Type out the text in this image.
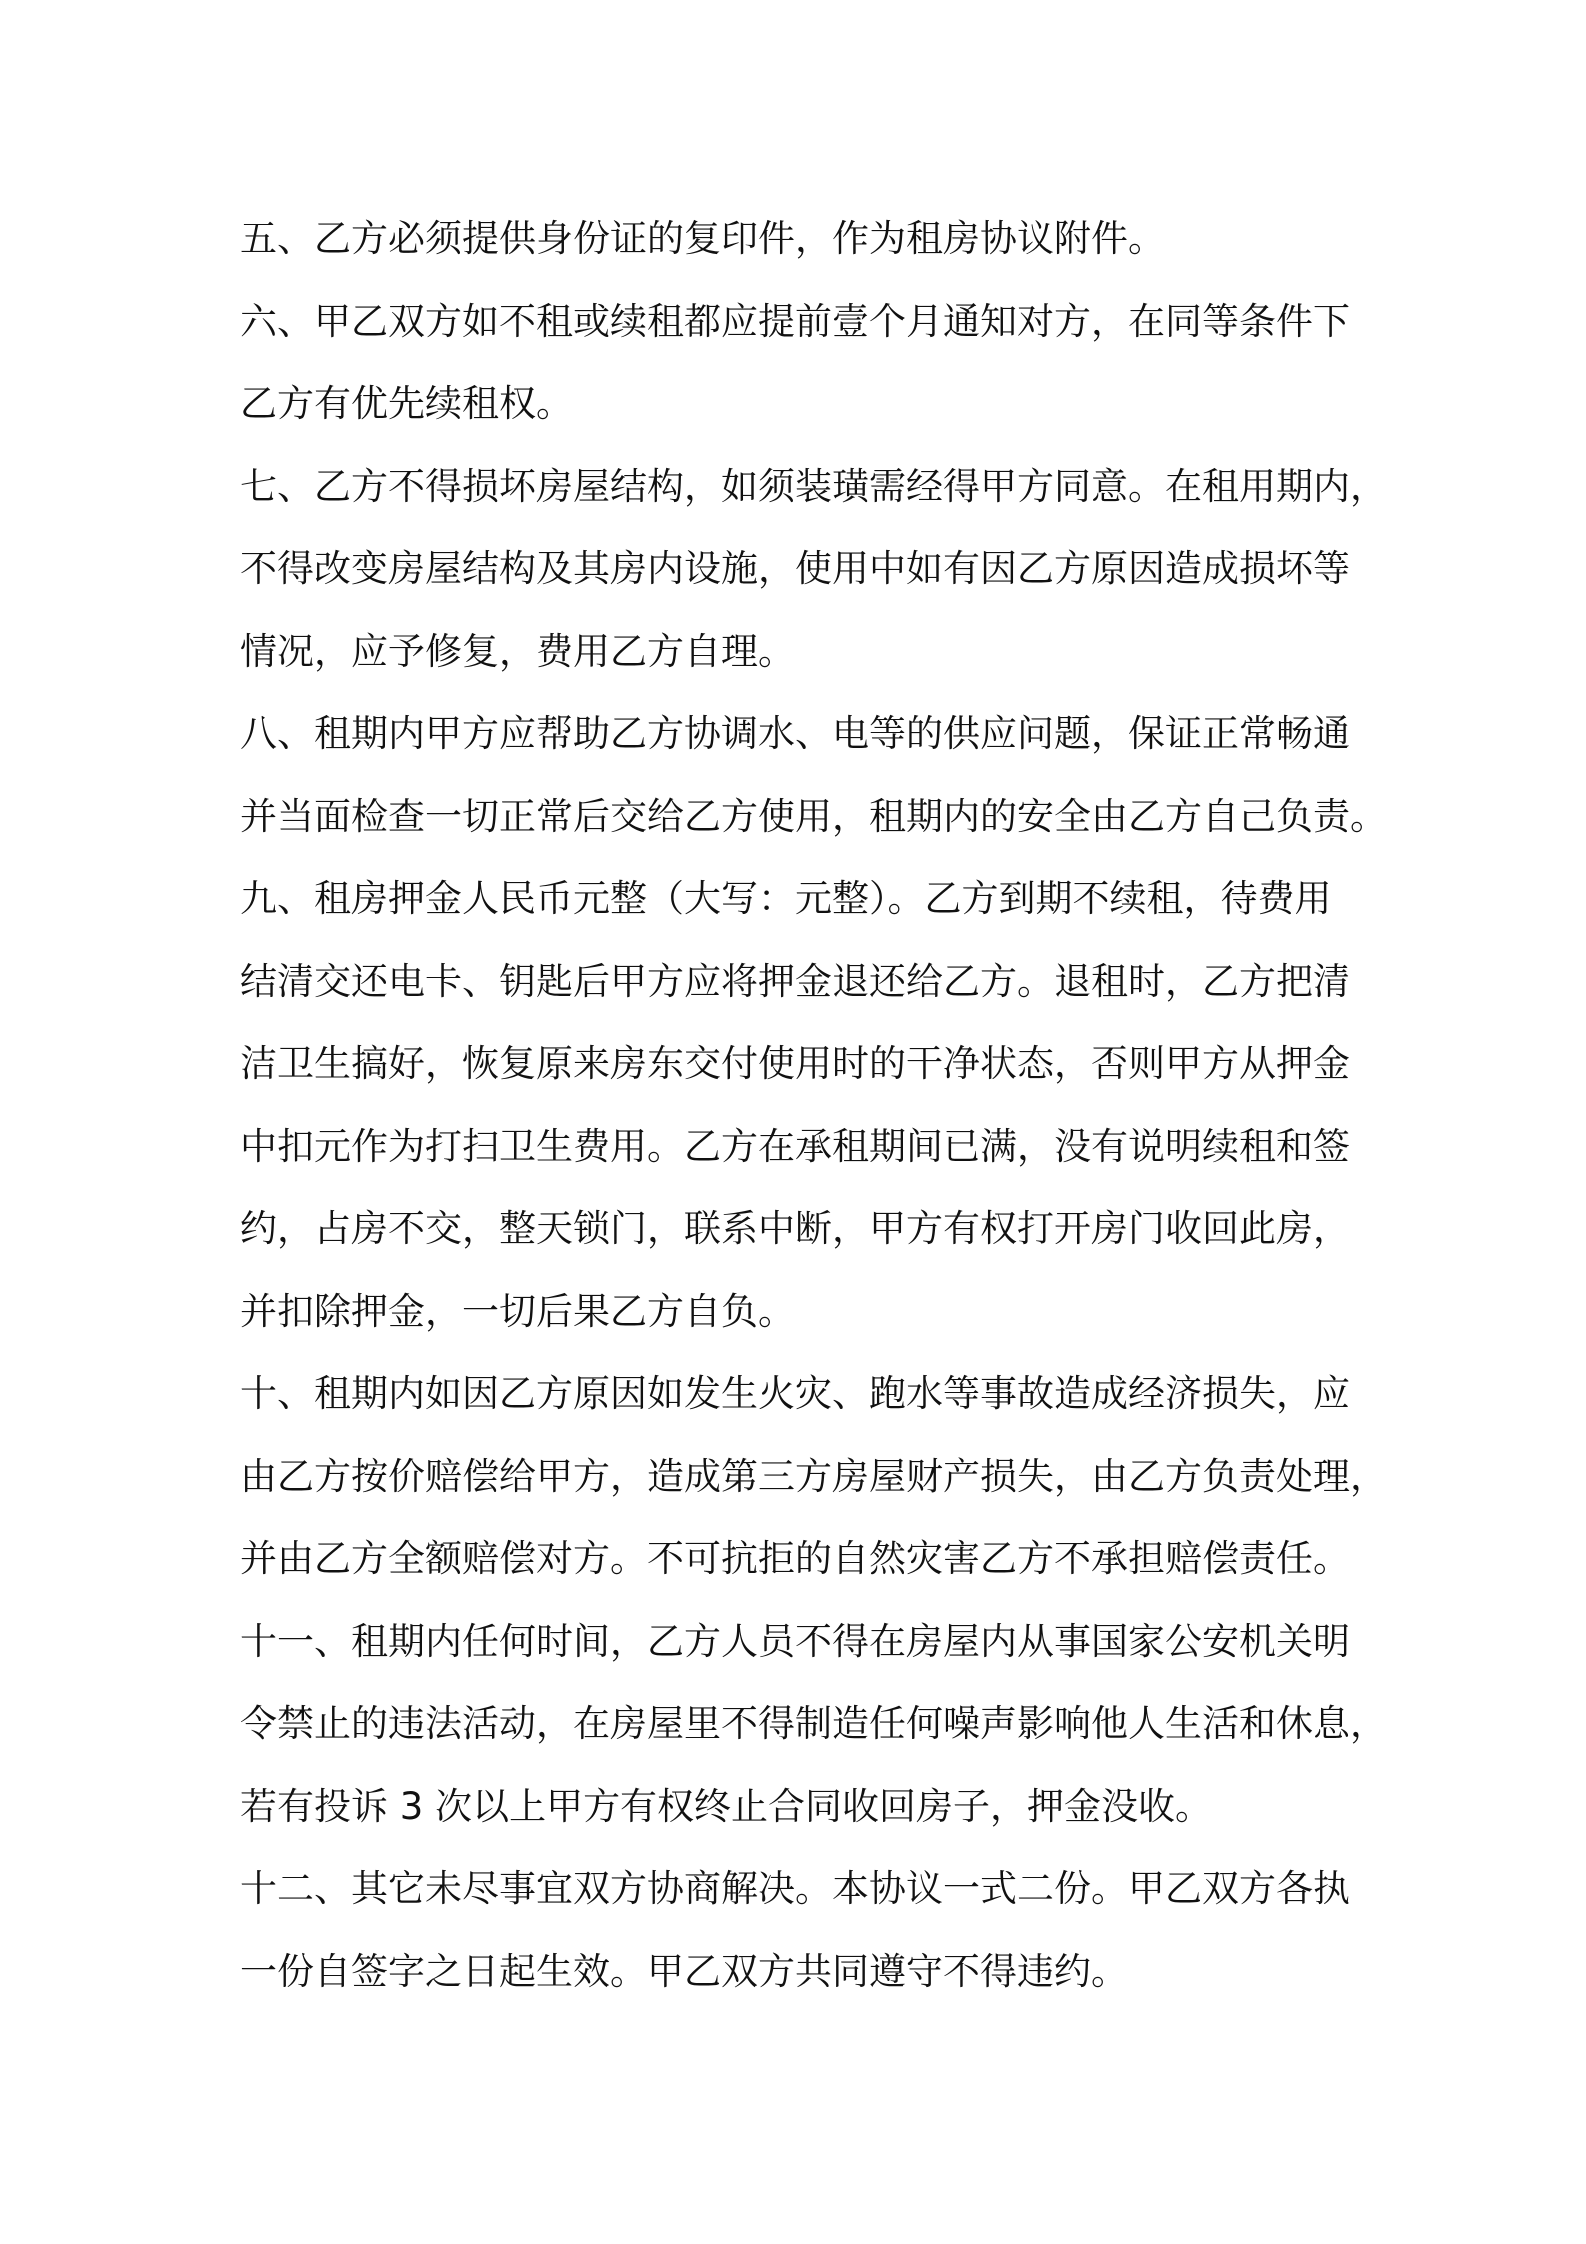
五、乙方必须提供身份证的复印件，作为租房协议附件。
六、甲乙双方如不租或续租都应提前壹个月通知对方，在同等条件下
乙方有优先续租权。
七、乙方不得损坏房屋结构，如须装璜需经得甲方同意。在租用期内，
不得改变房屋结构及其房内设施，使用中如有因乙方原因造成损坏等
情况，应予修复，费用乙方自理。
八、租期内甲方应帮助乙方协调水、电等的供应问题，保证正常畅通
并当面检查一切正常后交给乙方使用，租期内的安全由乙方自己负责。
九、租房押金人民币元整（大写：元整）。乙方到期不续租，待费用
结清交还电卡、钥匙后甲方应将押金退还给乙方。退租时，乙方把清
洁卫生搞好，恢复原来房东交付使用时的干净状态，否则甲方从押金
中扣元作为打扫卫生费用。乙方在承租期间已满，没有说明续租和签
约，占房不交，整天锁门，联系中断，甲方有权打开房门收回此房，
并扣除押金，一切后果乙方自负。
十、租期内如因乙方原因如发生火灾、跑水等事故造成经济损失，应
由乙方按价赔偿给甲方，造成第三方房屋财产损失，由乙方负责处理，
并由乙方全额赔偿对方。不可抗拒的自然灾害乙方不承担赔偿责任。
十一、租期内任何时间，乙方人员不得在房屋内从事国家公安机关明
令禁止的违法活动，在房屋里不得制造任何噪声影响他人生活和休息，
若有投诉 3 次以上甲方有权终止合同收回房子，押金没收。
十二、其它未尽事宜双方协商解决。本协议一式二份。甲乙双方各执
一份自签字之日起生效。甲乙双方共同遵守不得违约。
